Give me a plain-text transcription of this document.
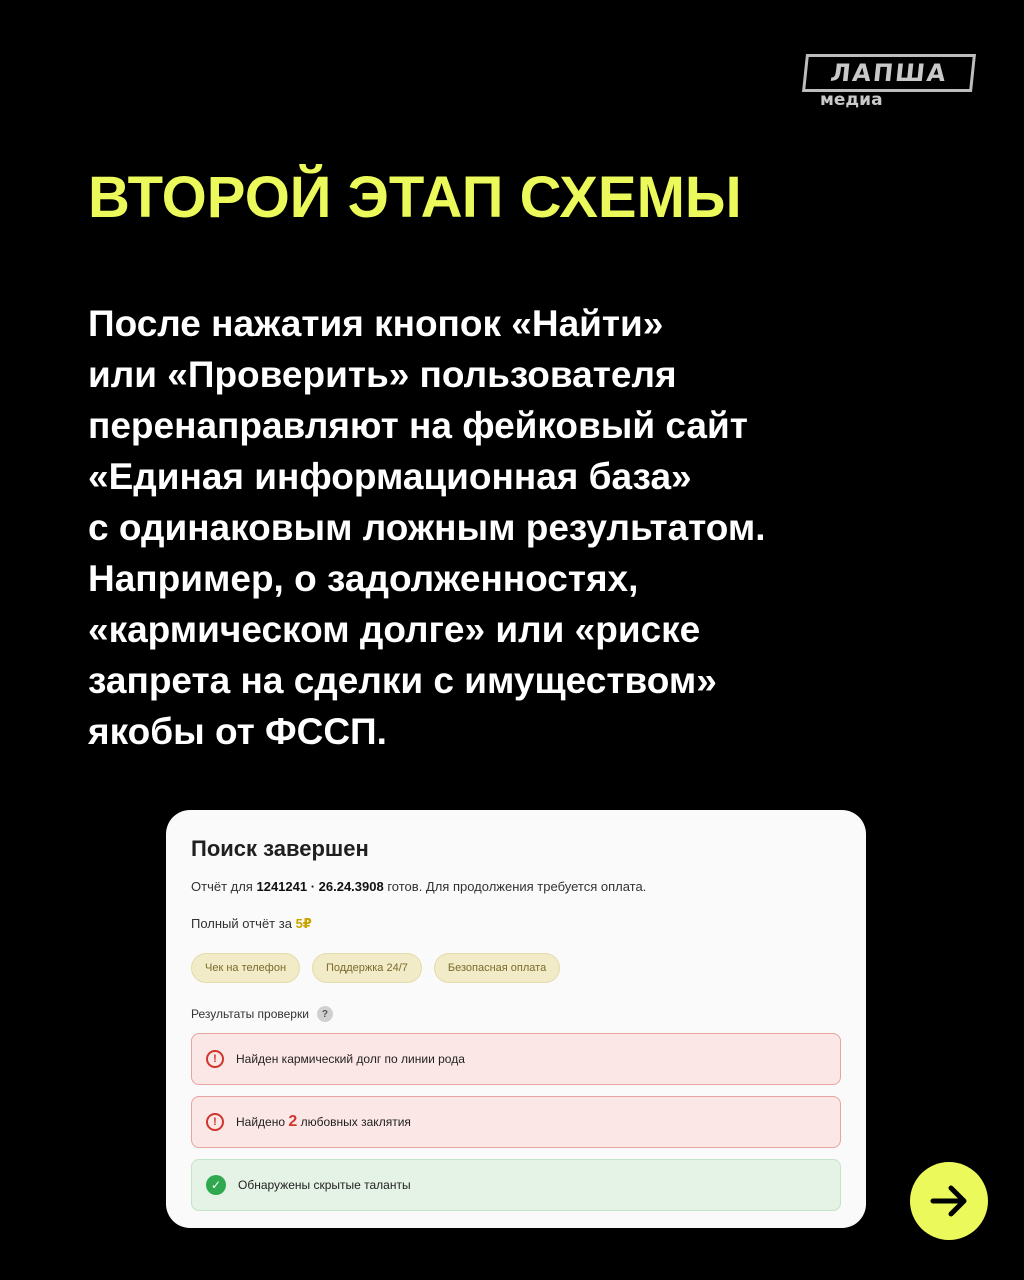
ЛАПША
медиа
ВТОРОЙ ЭТАП СХЕМЫ
После нажатия кнопок «Найти»
или «Проверить» пользователя
перенаправляют на фейковый сайт
«Единая информационная база»
с одинаковым ложным результатом.
Например, о задолженностях,
«кармическом долге» или «риске
запрета на сделки с имуществом»
якобы от ФССП.
Поиск завершен
Отчёт для 1241241 · 26.24.3908 готов. Для продолжения требуется оплата.
Полный отчёт за 5₽
Чек на телефон	Поддержка 24/7	Безопасная оплата
Результаты проверки	?
!	Найден кармический долг по линии рода
!	Найдено 2 любовных заклятия
✓	Обнаружены скрытые таланты
